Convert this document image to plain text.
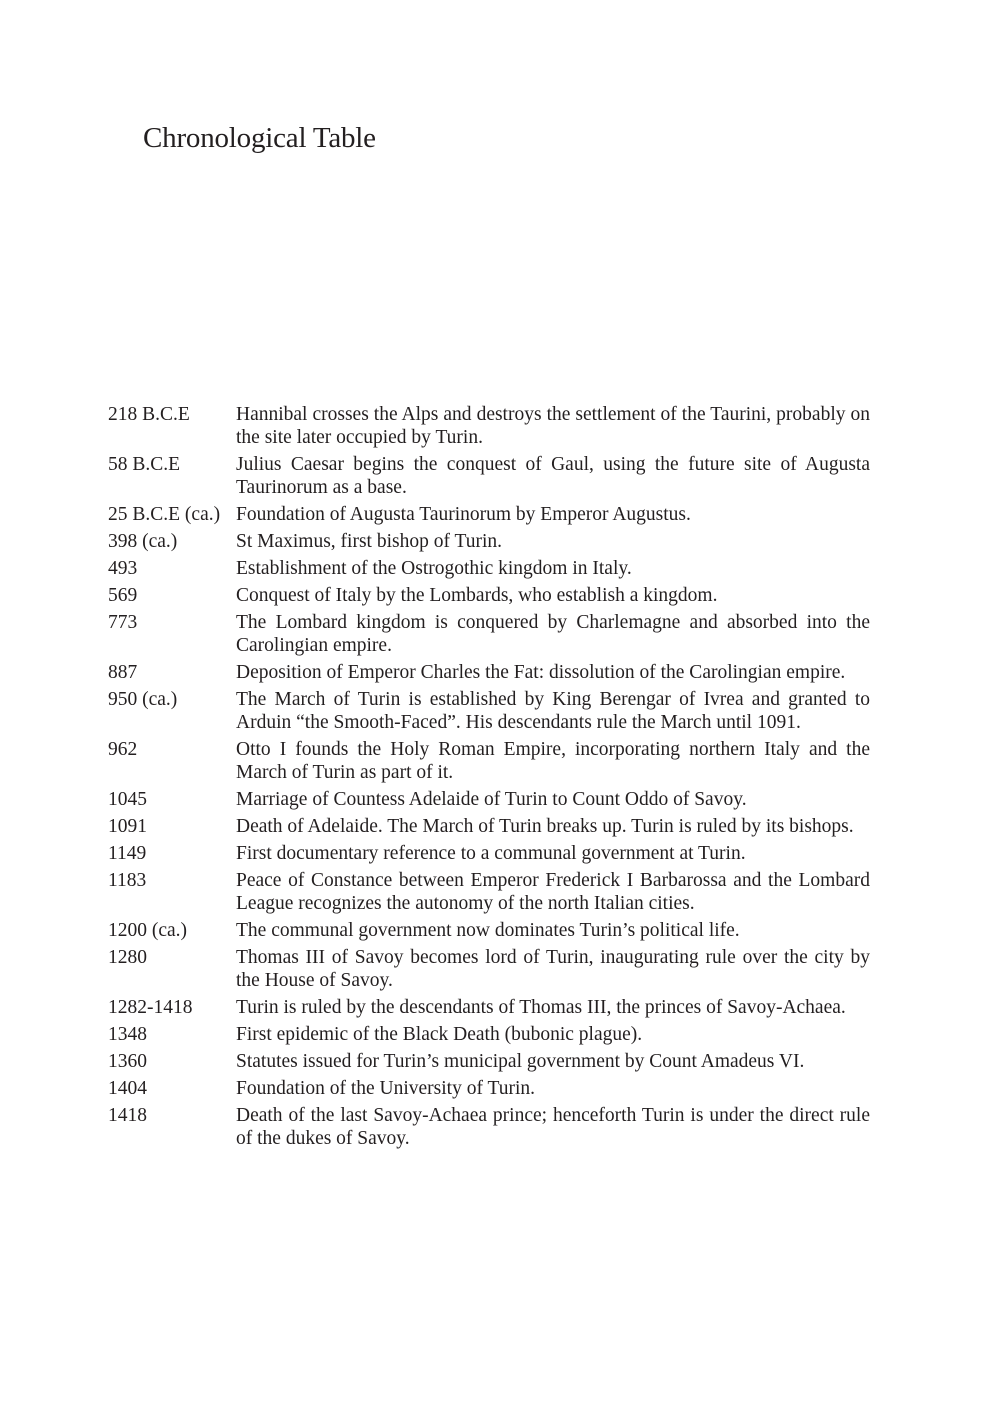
Chronological Table
218 B.C.E	Hannibal crosses the Alps and destroys the settlement of the Taurini, probably on the site later occupied by Turin.
58 B.C.E	Julius Caesar begins the conquest of Gaul, using the future site of Augusta Taurinorum as a base.
25 B.C.E (ca.) Foundation of Augusta Taurinorum by Emperor Augustus.
398 (ca.)	St Maximus, first bishop of Turin.
493	Establishment of the Ostrogothic kingdom in Italy.
569	Conquest of Italy by the Lombards, who establish a kingdom.
773	The Lombard kingdom is conquered by Charlemagne and absorbed into the Carolingian empire.
887	Deposition of Emperor Charles the Fat: dissolution of the Carolingian empire.
950 (ca.)	The March of Turin is established by King Berengar of Ivrea and granted to Arduin “the Smooth-Faced”. His descendants rule the March until 1091.
962	Otto I founds the Holy Roman Empire, incorporating northern Italy and the March of Turin as part of it.
1045	Marriage of Countess Adelaide of Turin to Count Oddo of Savoy.
1091	Death of Adelaide. The March of Turin breaks up. Turin is ruled by its bishops.
1149	First documentary reference to a communal government at Turin.
1183	Peace of Constance between Emperor Frederick I Barbarossa and the Lombard League recognizes the autonomy of the north Italian cities.
1200 (ca.)	The communal government now dominates Turin’s political life.
1280	Thomas III of Savoy becomes lord of Turin, inaugurating rule over the city by the House of Savoy.
1282-1418	Turin is ruled by the descendants of Thomas III, the princes of Savoy-Achaea.
1348	First epidemic of the Black Death (bubonic plague).
1360	Statutes issued for Turin’s municipal government by Count Amadeus VI.
1404	Foundation of the University of Turin.
1418	Death of the last Savoy-Achaea prince; henceforth Turin is under the direct rule of the dukes of Savoy.
